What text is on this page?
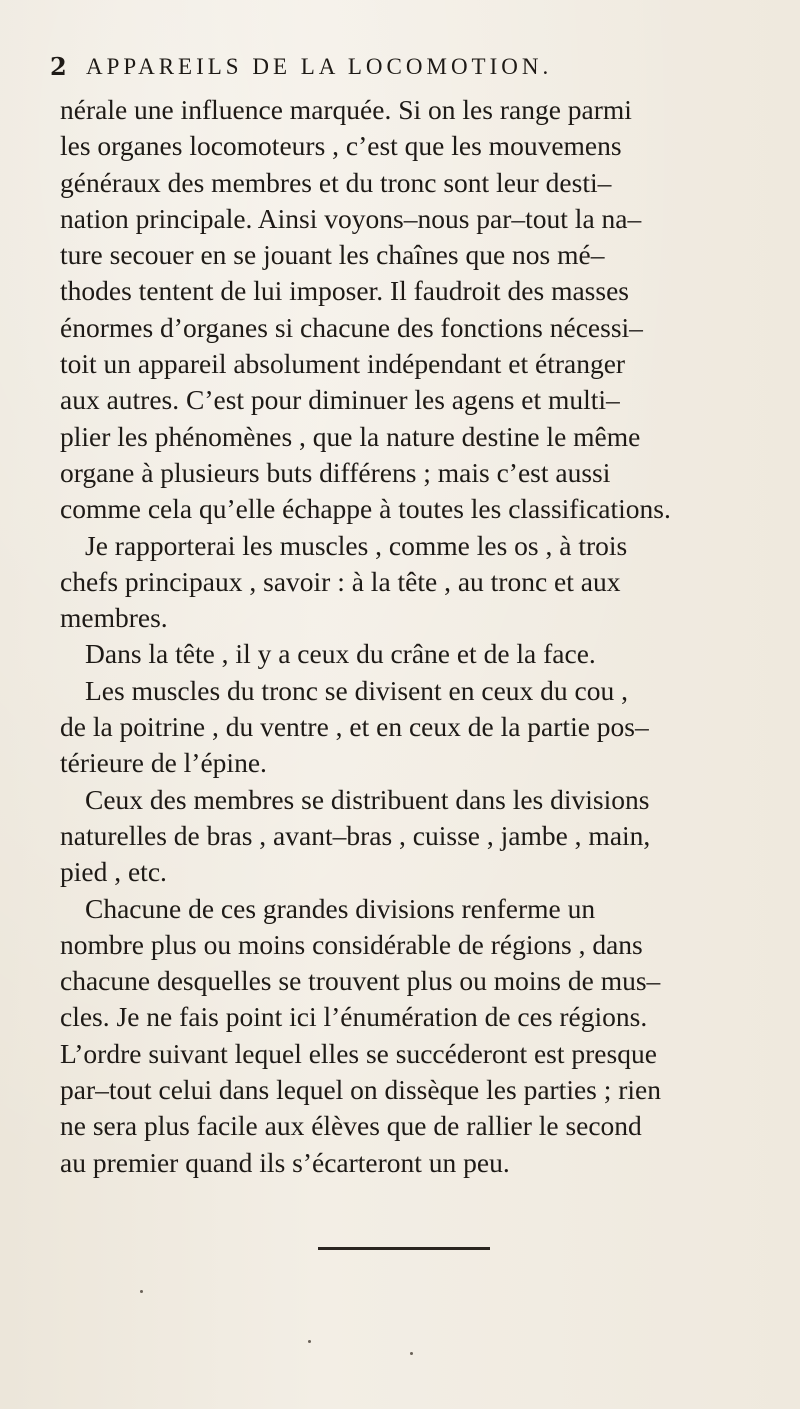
2 APPAREILS DE LA LOCOMOTION.
nérale une influence marquée. Si on les range parmi
les organes locomoteurs , c’est que les mouvemens
généraux des membres et du tronc sont leur desti–
nation principale. Ainsi voyons–nous par–tout la na–
ture secouer en se jouant les chaînes que nos mé–
thodes tentent de lui imposer. Il faudroit des masses
énormes d’organes si chacune des fonctions nécessi–
toit un appareil absolument indépendant et étranger
aux autres. C’est pour diminuer les agens et multi–
plier les phénomènes , que la nature destine le même
organe à plusieurs buts différens ; mais c’est aussi
comme cela qu’elle échappe à toutes les classifications.
Je rapporterai les muscles , comme les os , à trois
chefs principaux , savoir : à la tête , au tronc et aux
membres.
Dans la tête , il y a ceux du crâne et de la face.
Les muscles du tronc se divisent en ceux du cou ,
de la poitrine , du ventre , et en ceux de la partie pos–
térieure de l’épine.
Ceux des membres se distribuent dans les divisions
naturelles de bras , avant–bras , cuisse , jambe , main,
pied , etc.
Chacune de ces grandes divisions renferme un
nombre plus ou moins considérable de régions , dans
chacune desquelles se trouvent plus ou moins de mus–
cles. Je ne fais point ici l’énumération de ces régions.
L’ordre suivant lequel elles se succéderont est presque
par–tout celui dans lequel on dissèque les parties ; rien
ne sera plus facile aux élèves que de rallier le second
au premier quand ils s’écarteront un peu.
